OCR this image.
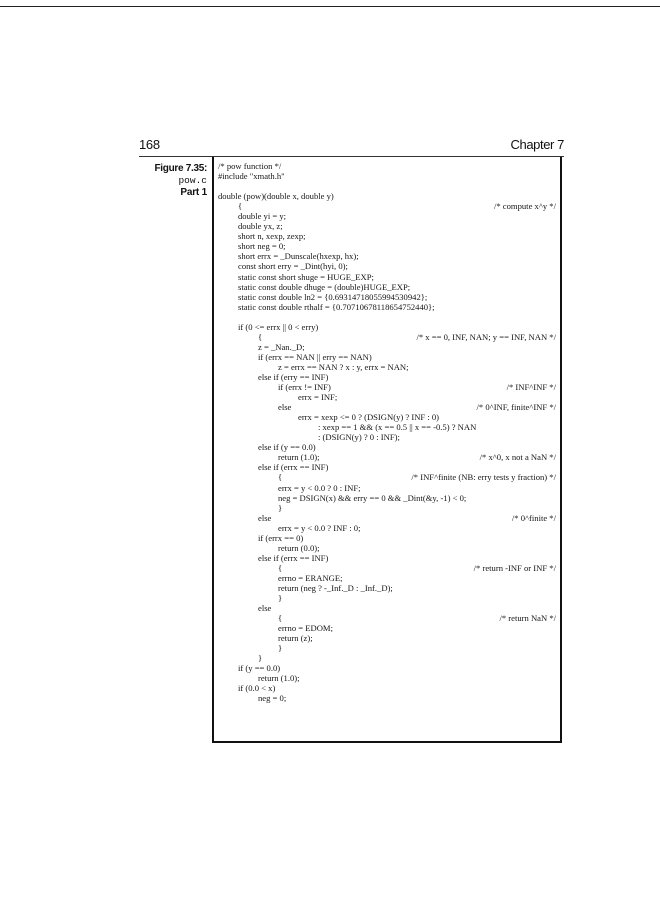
168	Chapter 7
Figure 7.35:
pow.c
Part 1
/* pow function */
#include "xmath.h"
double (pow)(double x, double y)
{	/* compute x^y */
double yi = y;
double yx, z;
short n, xexp, zexp;
short neg = 0;
short errx = _Dunscale(hxexp, hx);
const short erry = _Dint(hyi, 0);
static const short shuge = HUGE_EXP;
static const double dhuge = (double)HUGE_EXP;
static const double ln2 = {0.69314718055994530942};
static const double rthalf = {0.70710678118654752440};
if (0 <= errx || 0 < erry)
{	/* x == 0, INF, NAN; y == INF, NAN */
z = _Nan._D;
if (errx == NAN || erry == NAN)
z = errx == NAN ? x : y, errx = NAN;
else if (erry == INF)
if (errx != INF)	/* INF^INF */
errx = INF;
else	/* 0^INF, finite^INF */
errx = xexp <= 0 ? (DSIGN(y) ? INF : 0)
: xexp == 1 && (x == 0.5 || x == -0.5) ? NAN
: (DSIGN(y) ? 0 : INF);
else if (y == 0.0)
return (1.0);	/* x^0, x not a NaN */
else if (errx == INF)
{	/* INF^finite (NB: erry tests y fraction) */
errx = y < 0.0 ? 0 : INF;
neg = DSIGN(x) && erry == 0 && _Dint(&y, -1) < 0;
}
else	/* 0^finite */
errx = y < 0.0 ? INF : 0;
if (errx == 0)
return (0.0);
else if (errx == INF)
{	/* return -INF or INF */
errno = ERANGE;
return (neg ? -_Inf._D : _Inf._D);
}
else
{	/* return NaN */
errno = EDOM;
return (z);
}
}
if (y == 0.0)
return (1.0);
if (0.0 < x)
neg = 0;
